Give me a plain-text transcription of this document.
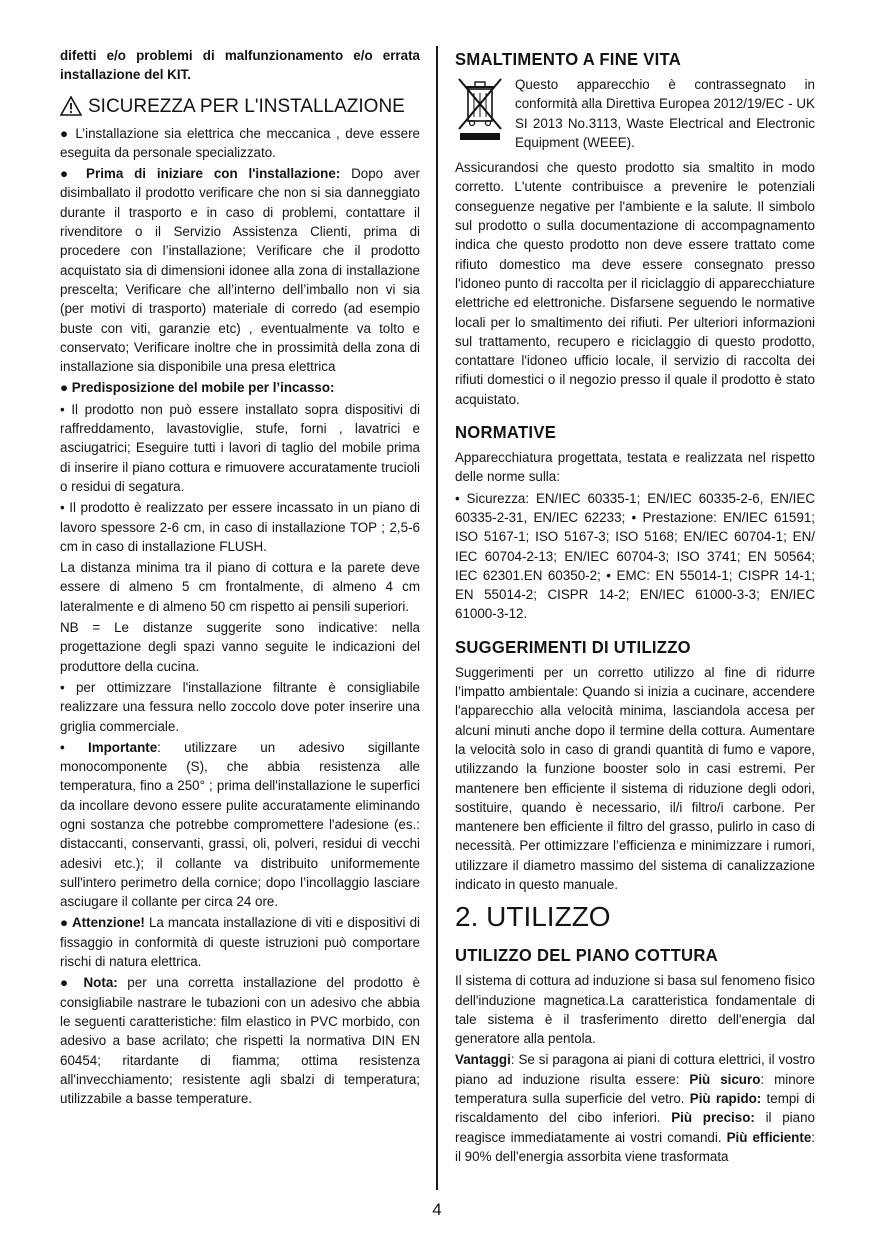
difetti e/o problemi di malfunzionamento e/o errata installazione del KIT.

SICUREZZA PER L'INSTALLAZIONE

● L’installazione sia elettrica che meccanica , deve essere eseguita da personale specializzato.

● Prima di iniziare con l'installazione: Dopo aver disimballato il prodotto verificare che non si sia danneggiato durante il trasporto e in caso di problemi, contattare il rivenditore o il Servizio Assistenza Clienti, prima di procedere con l’installazione; Verificare che il prodotto acquistato sia di dimensioni idonee alla zona di installazione prescelta; Verificare che all’interno dell’imballo non vi sia (per motivi di trasporto) materiale di corredo (ad esempio buste con viti, garanzie etc) , eventualmente va tolto e conservato; Verificare inoltre che in prossimità della zona di installazione sia disponibile una presa elettrica

● Predisposizione del mobile per l’incasso:

• Il prodotto non può essere installato sopra dispositivi di raffreddamento, lavastoviglie, stufe, forni , lavatrici e asciugatrici; Eseguire tutti i lavori di taglio del mobile prima di inserire il piano cottura e rimuovere accuratamente trucioli o residui di segatura.

• Il prodotto è realizzato per essere incassato in un piano di lavoro spessore 2-6 cm, in caso di installazione TOP ; 2,5-6 cm in caso di installazione FLUSH.

La distanza minima tra il piano di cottura e la parete deve essere di almeno 5 cm frontalmente, di almeno 4 cm lateralmente e di almeno 50 cm rispetto ai pensili superiori.

NB = Le distanze suggerite sono indicative: nella progettazione degli spazi vanno seguite le indicazioni del produttore della cucina.

• per ottimizzare l'installazione filtrante è consigliabile realizzare una fessura nello zoccolo dove poter inserire una griglia commerciale.

• Importante: utilizzare un adesivo sigillante monocomponente (S), che abbia resistenza alle temperatura, fino a 250° ; prima dell'installazione le superfici da incollare devono essere pulite accuratamente eliminando ogni sostanza che potrebbe compromettere l'adesione (es.: distaccanti, conservanti, grassi, oli, polveri, residui di vecchi adesivi etc.); il collante va distribuito uniformemente sull'intero perimetro della cornice; dopo l’incollaggio lasciare asciugare il collante per circa 24 ore.

● Attenzione! La mancata installazione di viti e dispositivi di fissaggio in conformità di queste istruzioni può comportare rischi di natura elettrica.

● Nota: per una corretta installazione del prodotto è consigliabile nastrare le tubazioni con un adesivo che abbia le seguenti caratteristiche: film elastico in PVC morbido, con adesivo a base acrilato; che rispetti la normativa DIN EN 60454; ritardante di fiamma; ottima resistenza all'invecchiamento; resistente agli sbalzi di temperatura; utilizzabile a basse temperature.

SMALTIMENTO A FINE VITA
Questo apparecchio è contrassegnato in conformità alla Direttiva Europea 2012/19/EC - UK SI 2013 No.3113, Waste Electrical and Electronic Equipment (WEEE).

Assicurandosi che questo prodotto sia smaltito in modo corretto. L'utente contribuisce a prevenire le potenziali conseguenze negative per l'ambiente e la salute. Il simbolo sul prodotto o sulla documentazione di accompagnamento indica che questo prodotto non deve essere trattato come rifiuto domestico ma deve essere consegnato presso l'idoneo punto di raccolta per il riciclaggio di apparecchiature elettriche ed elettroniche. Disfarsene seguendo le normative locali per lo smaltimento dei rifiuti. Per ulteriori informazioni sul trattamento, recupero e riciclaggio di questo prodotto, contattare l'idoneo ufficio locale, il servizio di raccolta dei rifiuti domestici o il negozio presso il quale il prodotto è stato acquistato.

NORMATIVE

Apparecchiatura progettata, testata e realizzata nel rispetto delle norme sulla:

• Sicurezza: EN/IEC 60335-1; EN/IEC 60335-2-6, EN/IEC 60335-2-31, EN/IEC 62233; • Prestazione: EN/IEC 61591; ISO 5167-1; ISO 5167-3; ISO 5168; EN/IEC 60704-1; EN/ IEC 60704-2-13; EN/IEC 60704-3; ISO 3741; EN 50564; IEC 62301.EN 60350-2; • EMC: EN 55014-1; CISPR 14-1; EN 55014-2; CISPR 14-2; EN/IEC 61000-3-3; EN/IEC 61000-3-12.

SUGGERIMENTI DI UTILIZZO

Suggerimenti per un corretto utilizzo al fine di ridurre l’impatto ambientale: Quando si inizia a cucinare, accendere l'apparecchio alla velocità minima, lasciandola accesa per alcuni minuti anche dopo il termine della cottura. Aumentare la velocità solo in caso di grandi quantità di fumo e vapore, utilizzando la funzione booster solo in casi estremi. Per mantenere ben efficiente il sistema di riduzione degli odori, sostituire, quando è necessario, il/i filtro/i carbone. Per mantenere ben efficiente il filtro del grasso, pulirlo in caso di necessità. Per ottimizzare l’efficienza e minimizzare i rumori, utilizzare il diametro massimo del sistema di canalizzazione indicato in questo manuale.

2. UTILIZZO
UTILIZZO DEL PIANO COTTURA

Il sistema di cottura ad induzione si basa sul fenomeno fisico dell'induzione magnetica.La caratteristica fondamentale di tale sistema è il trasferimento diretto dell'energia dal generatore alla pentola.

Vantaggi: Se si paragona ai piani di cottura elettrici, il vostro piano ad induzione risulta essere: Più sicuro: minore temperatura sulla superficie del vetro. Più rapido: tempi di riscaldamento del cibo inferiori. Più preciso: il piano reagisce immediatamente ai vostri comandi. Più efficiente: il 90% dell'energia assorbita viene trasformata

4
